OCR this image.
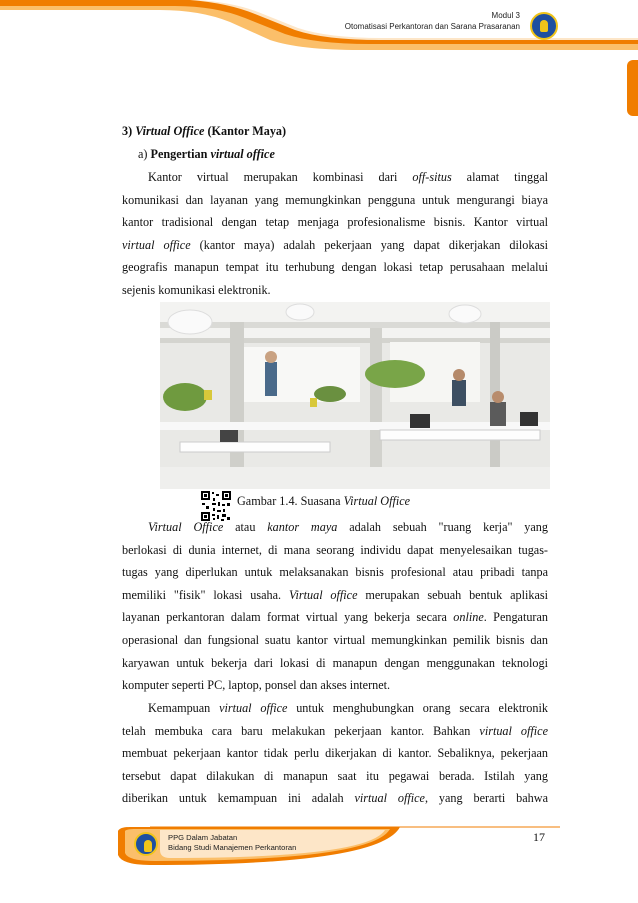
Modul 3
Otomatisasi Perkantoran dan Sarana Prasaranan
3) Virtual Office (Kantor Maya)
a) Pengertian virtual office
Kantor virtual merupakan kombinasi dari off-situs alamat tinggal
komunikasi dan layanan yang memungkinkan pengguna untuk mengurangi biaya
kantor tradisional dengan tetap menjaga profesionalisme bisnis. Kantor virtual
virtual office (kantor maya) adalah pekerjaan yang dapat dikerjakan dilokasi
geografis manapun tempat itu terhubung dengan lokasi tetap perusahaan melalui
sejenis komunikasi elektronik.
Gambar 1.4. Suasana Virtual Office
Virtual Office atau kantor maya adalah sebuah "ruang kerja" yang
berlokasi di dunia internet, di mana seorang individu dapat menyelesaikan tugas-
tugas yang diperlukan untuk melaksanakan bisnis profesional atau pribadi tanpa
memiliki "fisik" lokasi usaha. Virtual office merupakan sebuah bentuk aplikasi
layanan perkantoran dalam format virtual yang bekerja secara online. Pengaturan
operasional dan fungsional suatu kantor virtual memungkinkan pemilik bisnis dan
karyawan untuk bekerja dari lokasi di manapun dengan menggunakan teknologi
komputer seperti PC, laptop, ponsel dan akses internet.
Kemampuan virtual office untuk menghubungkan orang secara elektronik
telah membuka cara baru melakukan pekerjaan kantor. Bahkan virtual office
membuat pekerjaan kantor tidak perlu dikerjakan di kantor. Sebaliknya, pekerjaan
tersebut dapat dilakukan di manapun saat itu pegawai berada. Istilah yang
diberikan untuk kemampuan ini adalah virtual office, yang berarti bahwa
PPG Dalam Jabatan
Bidang Studi Manajemen Perkantoran
17
